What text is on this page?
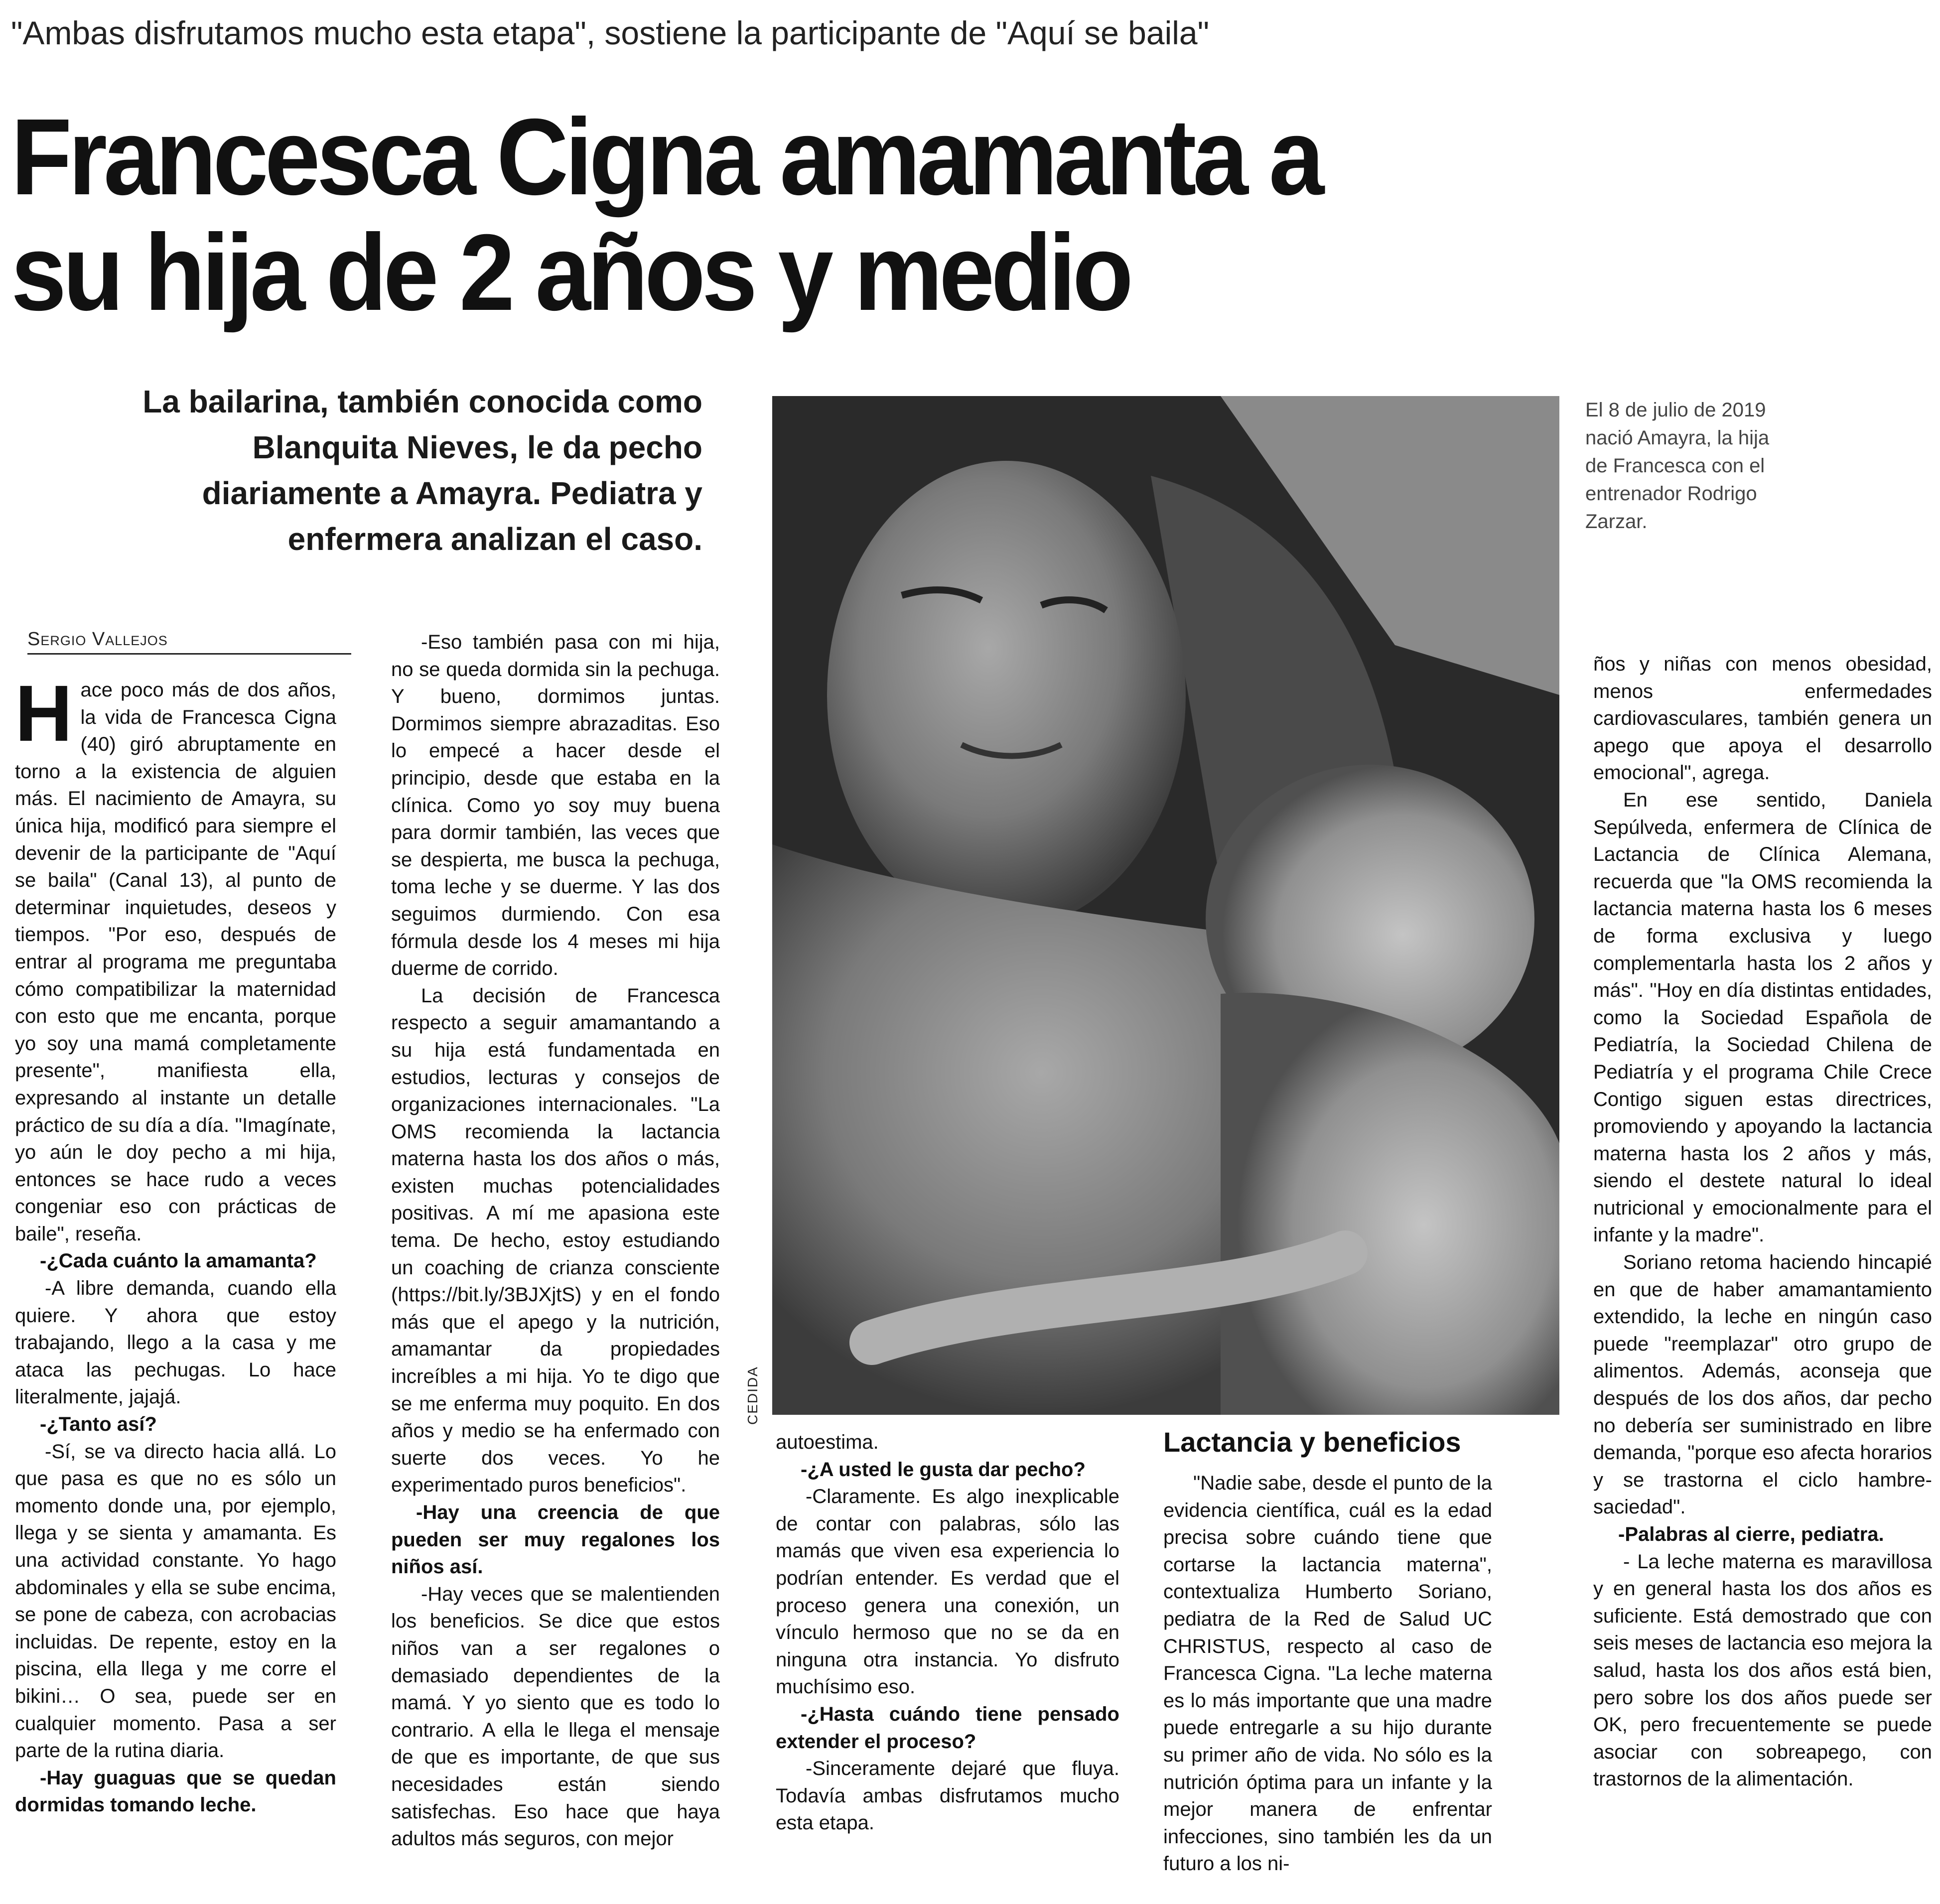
"Ambas disfrutamos mucho esta etapa", sostiene la participante de "Aquí se baila"
Francesca Cigna amamanta a
su hija de 2 años y medio
La bailarina, también conocida como
Blanquita Nieves, le da pecho
diariamente a Amayra. Pediatra y
enfermera analizan el caso.
Sergio Vallejos
CEDIDA
El 8 de julio de 2019
nació Amayra, la hija
de Francesca con el
entrenador Rodrigo
Zarzar.
H ace poco más de dos años, la vida de Francesca Cigna (40) giró abruptamente en torno a la existencia de alguien más. El nacimiento de Amayra, su única hija, modificó para siempre el devenir de la participante de "Aquí se baila" (Canal 13), al punto de determinar inquietudes, deseos y tiempos. "Por eso, después de entrar al programa me preguntaba cómo compatibilizar la maternidad con esto que me encanta, porque yo soy una mamá completamente presente", manifiesta ella, expresando al instante un detalle práctico de su día a día. "Imagínate, yo aún le doy pecho a mi hija, entonces se hace rudo a veces congeniar eso con prácticas de baile", reseña.

-¿Cada cuánto la amamanta?

-A libre demanda, cuando ella quiere. Y ahora que estoy trabajando, llego a la casa y me ataca las pechugas. Lo hace literalmente, jajajá.

-¿Tanto así?

-Sí, se va directo hacia allá. Lo que pasa es que no es sólo un momento donde una, por ejemplo, llega y se sienta y amamanta. Es una actividad constante. Yo hago abdominales y ella se sube encima, se pone de cabeza, con acrobacias incluidas. De repente, estoy en la piscina, ella llega y me corre el bikini… O sea, puede ser en cualquier momento. Pasa a ser parte de la rutina diaria.

-Hay guaguas que se quedan dormidas tomando leche.

-Eso también pasa con mi hija, no se queda dormida sin la pechuga. Y bueno, dormimos juntas. Dormimos siempre abrazaditas. Eso lo empecé a hacer desde el principio, desde que estaba en la clínica. Como yo soy muy buena para dormir también, las veces que se despierta, me busca la pechuga, toma leche y se duerme. Y las dos seguimos durmiendo. Con esa fórmula desde los 4 meses mi hija duerme de corrido.

La decisión de Francesca respecto a seguir amamantando a su hija está fundamentada en estudios, lecturas y consejos de organizaciones internacionales. "La OMS recomienda la lactancia materna hasta los dos años o más, existen muchas potencialidades positivas. A mí me apasiona este tema. De hecho, estoy estudiando un coaching de crianza consciente (https://bit.ly/3BJXjtS) y en el fondo más que el apego y la nutrición, amamantar da propiedades increíbles a mi hija. Yo te digo que se me enferma muy poquito. En dos años y medio se ha enfermado con suerte dos veces. Yo he experimentado puros beneficios".

-Hay una creencia de que pueden ser muy regalones los niños así.

-Hay veces que se malentienden los beneficios. Se dice que estos niños van a ser regalones o demasiado dependientes de la mamá. Y yo siento que es todo lo contrario. A ella le llega el mensaje de que es importante, de que sus necesidades están siendo satisfechas. Eso hace que haya adultos más seguros, con mejor

autoestima.

-¿A usted le gusta dar pecho?

-Claramente. Es algo inexplicable de contar con palabras, sólo las mamás que viven esa experiencia lo podrían entender. Es verdad que el proceso genera una conexión, un vínculo hermoso que no se da en ninguna otra instancia. Yo disfruto muchísimo eso.

-¿Hasta cuándo tiene pensado extender el proceso?

-Sinceramente dejaré que fluya. Todavía ambas disfrutamos mucho esta etapa.

Lactancia y beneficios

"Nadie sabe, desde el punto de la evidencia científica, cuál es la edad precisa sobre cuándo tiene que cortarse la lactancia materna", contextualiza Humberto Soriano, pediatra de la Red de Salud UC CHRISTUS, respecto al caso de Francesca Cigna. "La leche materna es lo más importante que una madre puede entregarle a su hijo durante su primer año de vida. No sólo es la nutrición óptima para un infante y la mejor manera de enfrentar infecciones, sino también les da un futuro a los ni-

ños y niñas con menos obesidad, menos enfermedades cardiovasculares, también genera un apego que apoya el desarrollo emocional", agrega.

En ese sentido, Daniela Sepúlveda, enfermera de Clínica de Lactancia de Clínica Alemana, recuerda que "la OMS recomienda la lactancia materna hasta los 6 meses de forma exclusiva y luego complementarla hasta los 2 años y más". "Hoy en día distintas entidades, como la Sociedad Española de Pediatría, la Sociedad Chilena de Pediatría y el programa Chile Crece Contigo siguen estas directrices, promoviendo y apoyando la lactancia materna hasta los 2 años y más, siendo el destete natural lo ideal nutricional y emocionalmente para el infante y la madre".

Soriano retoma haciendo hincapié en que de haber amamantamiento extendido, la leche en ningún caso puede "reemplazar" otro grupo de alimentos. Además, aconseja que después de los dos años, dar pecho no debería ser suministrado en libre demanda, "porque eso afecta horarios y se trastorna el ciclo hambre-saciedad".

-Palabras al cierre, pediatra.

- La leche materna es maravillosa y en general hasta los dos años es suficiente. Está demostrado que con seis meses de lactancia eso mejora la salud, hasta los dos años está bien, pero sobre los dos años puede ser OK, pero frecuentemente se puede asociar con sobreapego, con trastornos de la alimentación.
